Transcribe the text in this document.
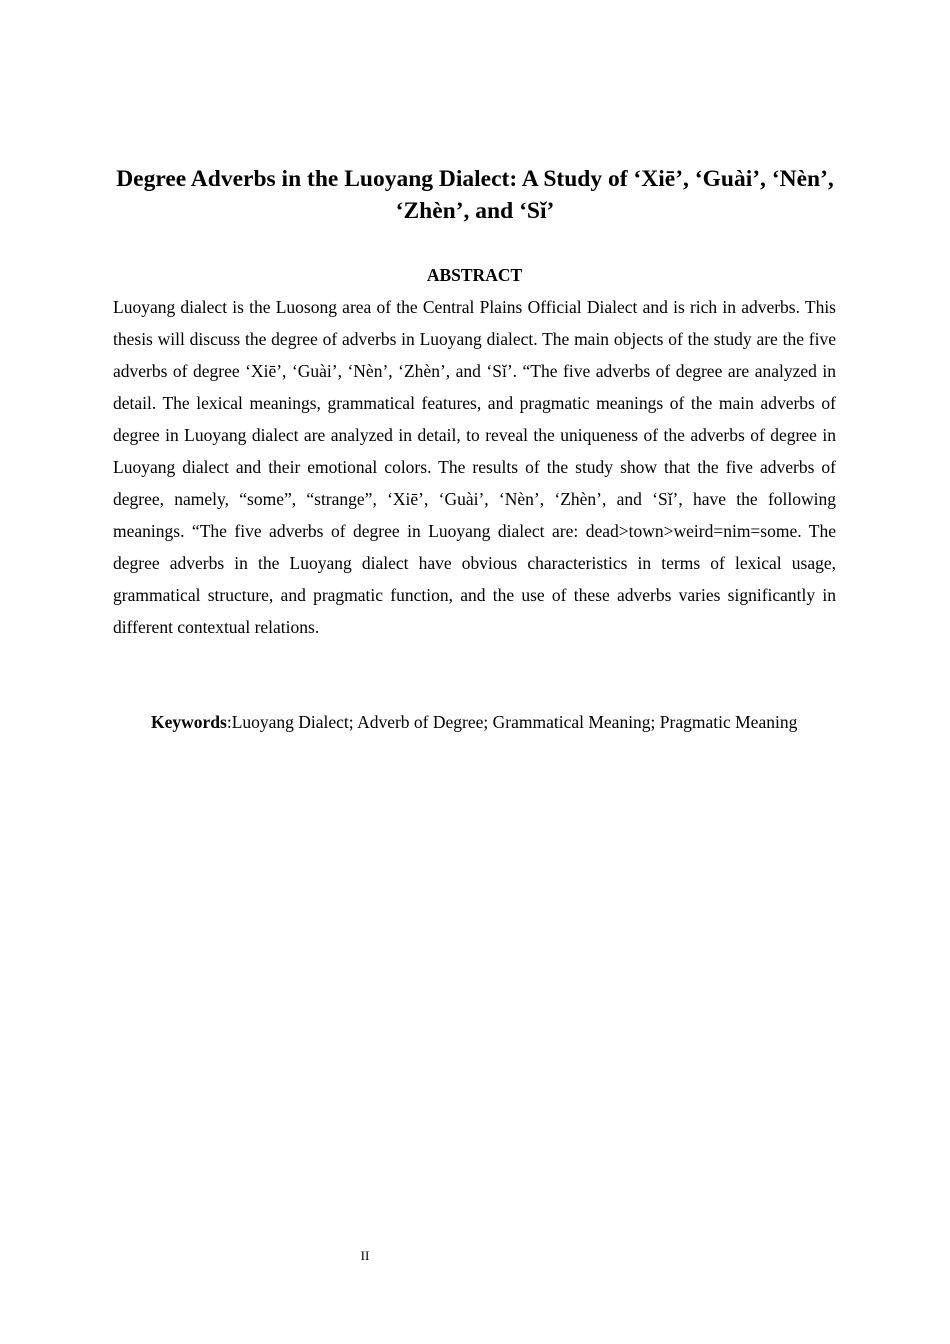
Degree Adverbs in the Luoyang Dialect: A Study of ‘Xiē’, ‘Guài’, ‘Nèn’, ‘Zhèn’, and ‘Sǐ’
ABSTRACT

Luoyang dialect is the Luosong area of the Central Plains Official Dialect and is rich in adverbs. This thesis will discuss the degree of adverbs in Luoyang dialect. The main objects of the study are the five adverbs of degree ‘Xiē’, ‘Guài’, ‘Nèn’, ‘Zhèn’, and ‘Sǐ’. “The five adverbs of degree are analyzed in detail. The lexical meanings, grammatical features, and pragmatic meanings of the main adverbs of degree in Luoyang dialect are analyzed in detail, to reveal the uniqueness of the adverbs of degree in Luoyang dialect and their emotional colors. The results of the study show that the five adverbs of degree, namely, “some”, “strange”, ‘Xiē’, ‘Guài’, ‘Nèn’, ‘Zhèn’, and ‘Sǐ’, have the following meanings. “The five adverbs of degree in Luoyang dialect are: dead>town>weird=nim=some. The degree adverbs in the Luoyang dialect have obvious characteristics in terms of lexical usage, grammatical structure, and pragmatic function, and the use of these adverbs varies significantly in different contextual relations.

Keywords:Luoyang Dialect; Adverb of Degree; Grammatical Meaning; Pragmatic Meaning

II
